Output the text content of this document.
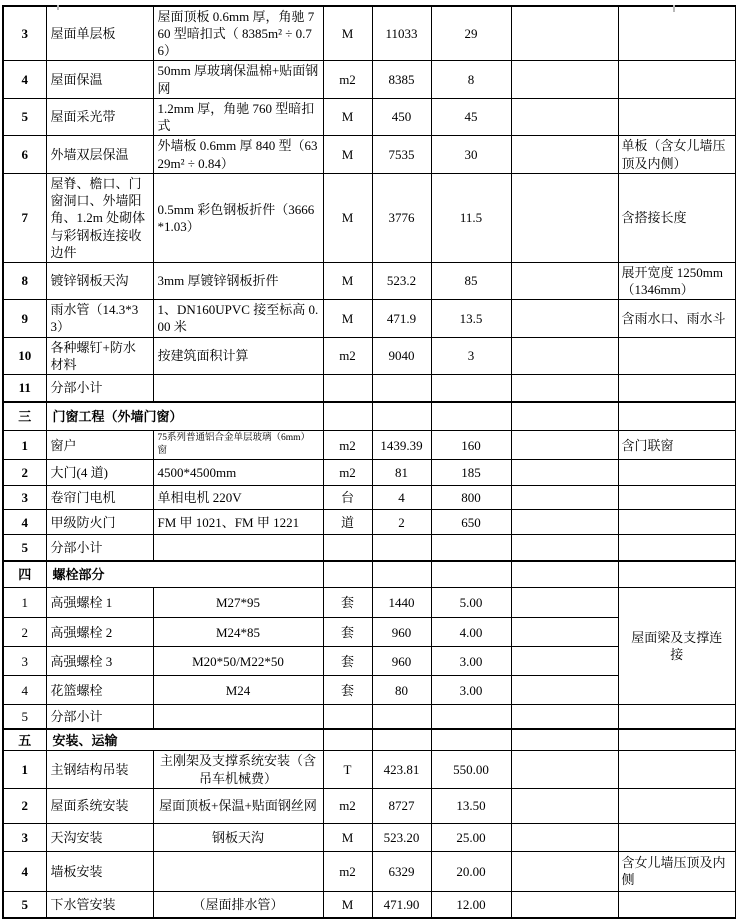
3	屋面单层板	屋面顶板 0.6mm 厚，角驰 760 型暗扣式（ 8385m² ÷ 0.76）	M	11033	29		
4	屋面保温	50mm 厚玻璃保温棉+贴面钢网	m2	8385	8		
5	屋面采光带	1.2mm 厚，角驰 760 型暗扣式	M	450	45		
6	外墙双层保温	外墙板 0.6mm 厚 840 型（6329m² ÷ 0.84）	M	7535	30		单板（含女儿墙压顶及内侧）
7	屋脊、檐口、门窗洞口、外墙阳角、1.2m 处砌体与彩钢板连接收边件	0.5mm 彩色钢板折件（3666*1.03）	M	3776	11.5		含搭接长度
8	镀锌钢板天沟	3mm 厚镀锌钢板折件	M	523.2	85		展开宽度 1250mm（1346mm）
9	雨水管（14.3*33）	1、DN160UPVC 接至标高 0.00 米	M	471.9	13.5		含雨水口、雨水斗
10	各种螺钉+防水材料	按建筑面积计算	m2	9040	3		
11	分部小计						
三	门窗工程（外墙门窗）						
1	窗户	75系列普通铝合金单层玻璃（6mm）窗	m2	1439.39	160		含门联窗
2	大门(4 道)	4500*4500mm	m2	81	185		
3	卷帘门电机	单相电机 220V	台	4	800		
4	甲级防火门	FM 甲 1021、FM 甲 1221	道	2	650		
5	分部小计						
四	螺栓部分						
1	高强螺栓 1	M27*95	套	1440	5.00		屋面梁及支撑连接
2	高强螺栓 2	M24*85	套	960	4.00		
3	高强螺栓 3	M20*50/M22*50	套	960	3.00		
4	花篮螺栓	M24	套	80	3.00		
5	分部小计						
五	安装、运输						
1	主钢结构吊装	主刚架及支撑系统安装（含吊车机械费）	T	423.81	550.00		
2	屋面系统安装	屋面顶板+保温+贴面钢丝网	m2	8727	13.50		
3	天沟安装	钢板天沟	M	523.20	25.00		
4	墙板安装		m2	6329	20.00		含女儿墙压顶及内侧
5	下水管安装	（屋面排水管）	M	471.90	12.00		
